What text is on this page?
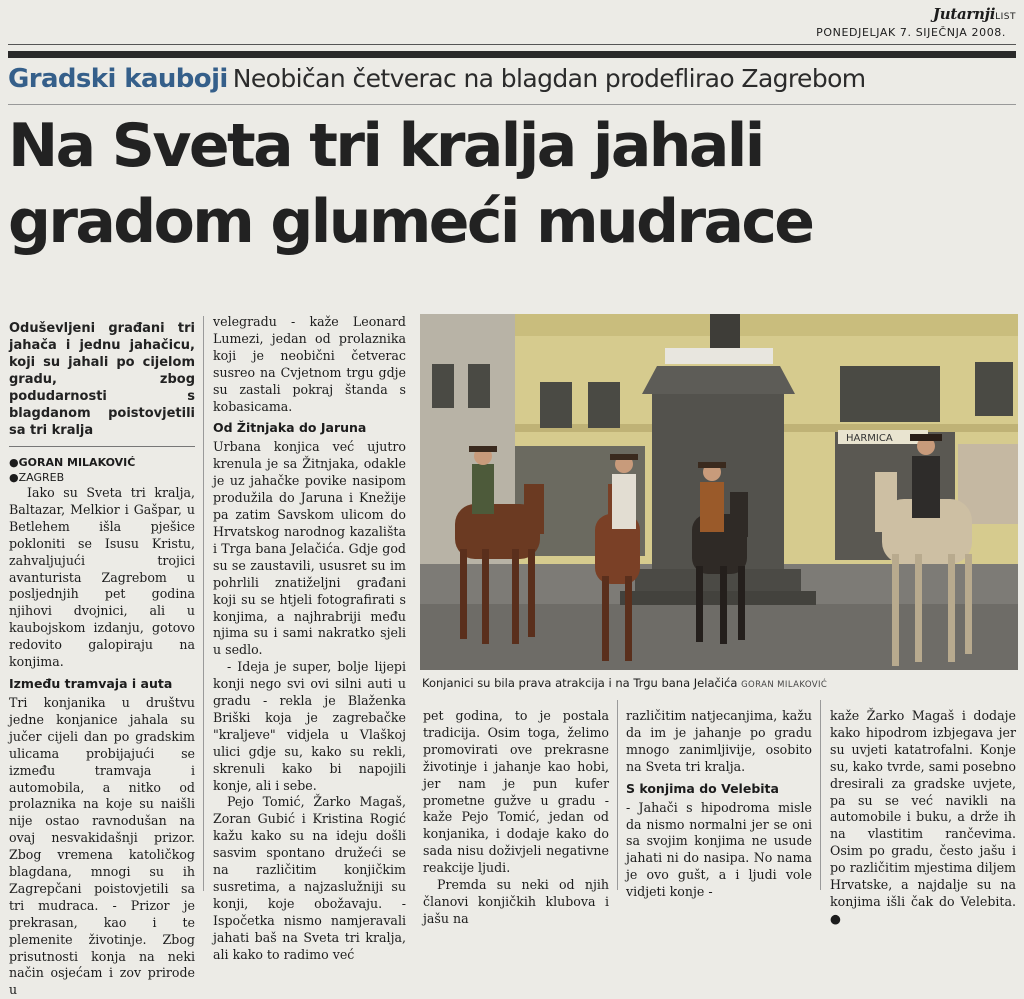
JutarnjiLIST
PONEDJELJAK 7. SIJEČNJA 2008.
Gradski kauboji Neobičan četverac na blagdan prodeflirao Zagrebom
Na Sveta tri kralja jahali
gradom glumeći mudrace

Oduševljeni građani tri jahača i jednu jahačicu, koji su jahali po cijelom gradu, zbog podudarnosti s blagdanom poistovjetili sa tri kralja

●GORAN MILAKOVIĆ
●ZAGREB

Iako su Sveta tri kralja, Baltazar, Melkior i Gašpar, u Betlehem išla pješice pokloniti se Isusu Kristu, zahvaljujući trojici avanturista Zagrebom u posljednjih pet godina njihovi dvojnici, ali u kaubojskom izdanju, gotovo redovito galopiraju na konjima.

Između tramvaja i auta

Tri konjanika u društvu jedne konjanice jahala su jučer cijeli dan po gradskim ulicama probijajući se između tramvaja i automobila, a nitko od prolaznika na koje su naišli nije ostao ravnodušan na ovaj nesvakidašnji prizor. Zbog vremena katoličkog blagdana, mnogi su ih Zagrepčani poistovjetili sa tri mudraca. - Prizor je prekrasan, kao i te plemenite životinje. Zbog prisutnosti konja na neki način osjećam i zov prirode u

velegradu - kaže Leonard Lumezi, jedan od prolaznika koji je neobični četverac susreo na Cvjetnom trgu gdje su zastali pokraj štanda s kobasicama.

Od Žitnjaka do Jaruna

Urbana konjica već ujutro krenula je sa Žitnjaka, odakle je uz jahačke povike nasipom produžila do Jaruna i Knežije pa zatim Savskom ulicom do Hrvatskog narodnog kazališta i Trga bana Jelačića. Gdje god su se zaustavili, ususret su im pohrlili znatiželjni građani koji su se htjeli fotografirati s konjima, a najhrabriji među njima su i sami nakratko sjeli u sedlo.

- Ideja je super, bolje lijepi konji nego svi ovi silni auti u gradu - rekla je Blaženka Briški koja je zagrebačke "kraljeve" vidjela u Vlaškoj ulici gdje su, kako su rekli, skrenuli kako bi napojili konje, ali i sebe.

Pejo Tomić, Žarko Magaš, Zoran Gubić i Kristina Rogić kažu kako su na ideju došli sasvim spontano družeći se na različitim konjičkim susretima, a najzaslužniji su konji, koje obožavaju. - Ispočetka nismo namjeravali jahati baš na Sveta tri kralja, ali kako to radimo već

HARMICA
Konjanici su bila prava atrakcija i na Trgu bana Jelačića GORAN MILAKOVIĆ

pet godina, to je postala tradicija. Osim toga, želimo promovirati ove prekrasne životinje i jahanje kao hobi, jer nam je pun kufer prometne gužve u gradu - kaže Pejo Tomić, jedan od konjanika, i dodaje kako do sada nisu doživjeli negativne reakcije ljudi.

Premda su neki od njih članovi konjičkih klubova i jašu na

različitim natjecanjima, kažu da im je jahanje po gradu mnogo zanimljivije, osobito na Sveta tri kralja.

S konjima do Velebita

- Jahači s hipodroma misle da nismo normalni jer se oni sa svojim konjima ne usude jahati ni do nasipa. No nama je ovo gušt, a i ljudi vole vidjeti konje -

kaže Žarko Magaš i dodaje kako hipodrom izbjegava jer su uvjeti katatrofalni. Konje su, kako tvrde, sami posebno dresirali za gradske uvjete, pa su se već navikli na automobile i buku, a drže ih na vlastitim rančevima. Osim po gradu, često jašu i po različitim mjestima diljem Hrvatske, a najdalje su na konjima išli čak do Velebita. ●
